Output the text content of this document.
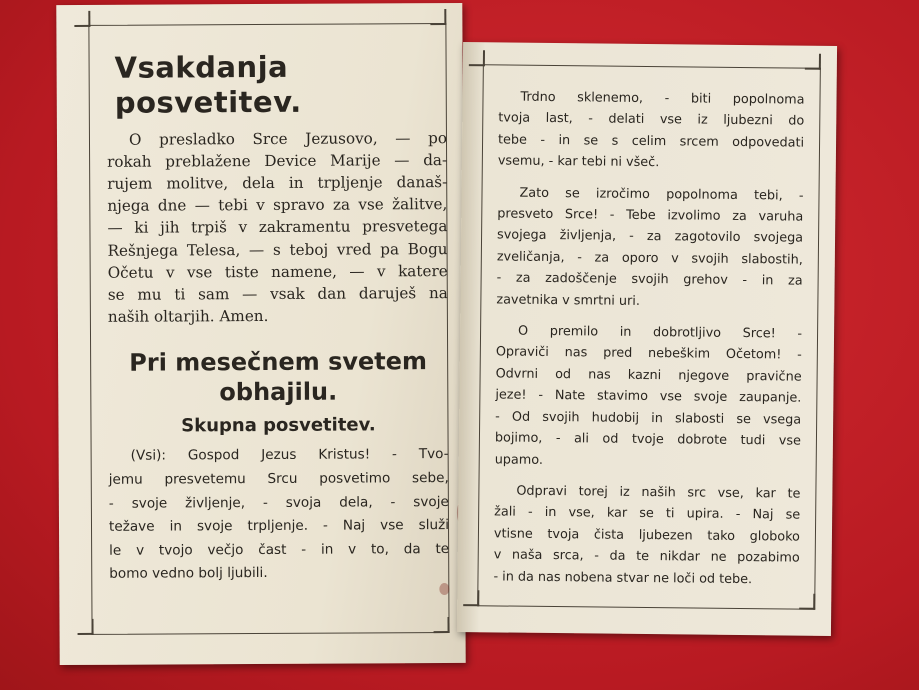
Vsakdanja posvetitev.
O presladko Srce Jezusovo, — po
rokah preblažene Device Marije — da-
rujem molitve, dela in trpljenje današ-
njega dne — tebi v spravo za vse žalitve,
— ki jih trpiš v zakramentu presvetega
Rešnjega Telesa, — s teboj vred pa Bogu
Očetu v vse tiste namene, — v katere
se mu ti sam — vsak dan daruješ na
naših oltarjih. Amen.
Pri mesečnem svetem
obhajilu.
Skupna posvetitev.
(Vsi): Gospod Jezus Kristus! - Tvo-
jemu presvetemu Srcu posvetimo sebe,
- svoje življenje, - svoja dela, - svoje
težave in svoje trpljenje. - Naj vse služi
le v tvojo večjo čast - in v to, da te
bomo vedno bolj ljubili.
Trdno sklenemo, - biti popolnoma
tvoja last, - delati vse iz ljubezni do
tebe - in se s celim srcem odpovedati
vsemu, - kar tebi ni všeč.
Zato se izročimo popolnoma tebi, -
presveto Srce! - Tebe izvolimo za varuha
svojega življenja, - za zagotovilo svojega
zveličanja, - za oporo v svojih slabostih,
- za zadoščenje svojih grehov - in za
zavetnika v smrtni uri.
O premilo in dobrotljivo Srce! -
Opraviči nas pred nebeškim Očetom! -
Odvrni od nas kazni njegove pravične
jeze! - Nate stavimo vse svoje zaupanje.
- Od svojih hudobij in slabosti se vsega
bojimo, - ali od tvoje dobrote tudi vse
upamo.
Odpravi torej iz naših src vse, kar te
žali - in vse, kar se ti upira. - Naj se
vtisne tvoja čista ljubezen tako globoko
v naša srca, - da te nikdar ne pozabimo
- in da nas nobena stvar ne loči od tebe.
